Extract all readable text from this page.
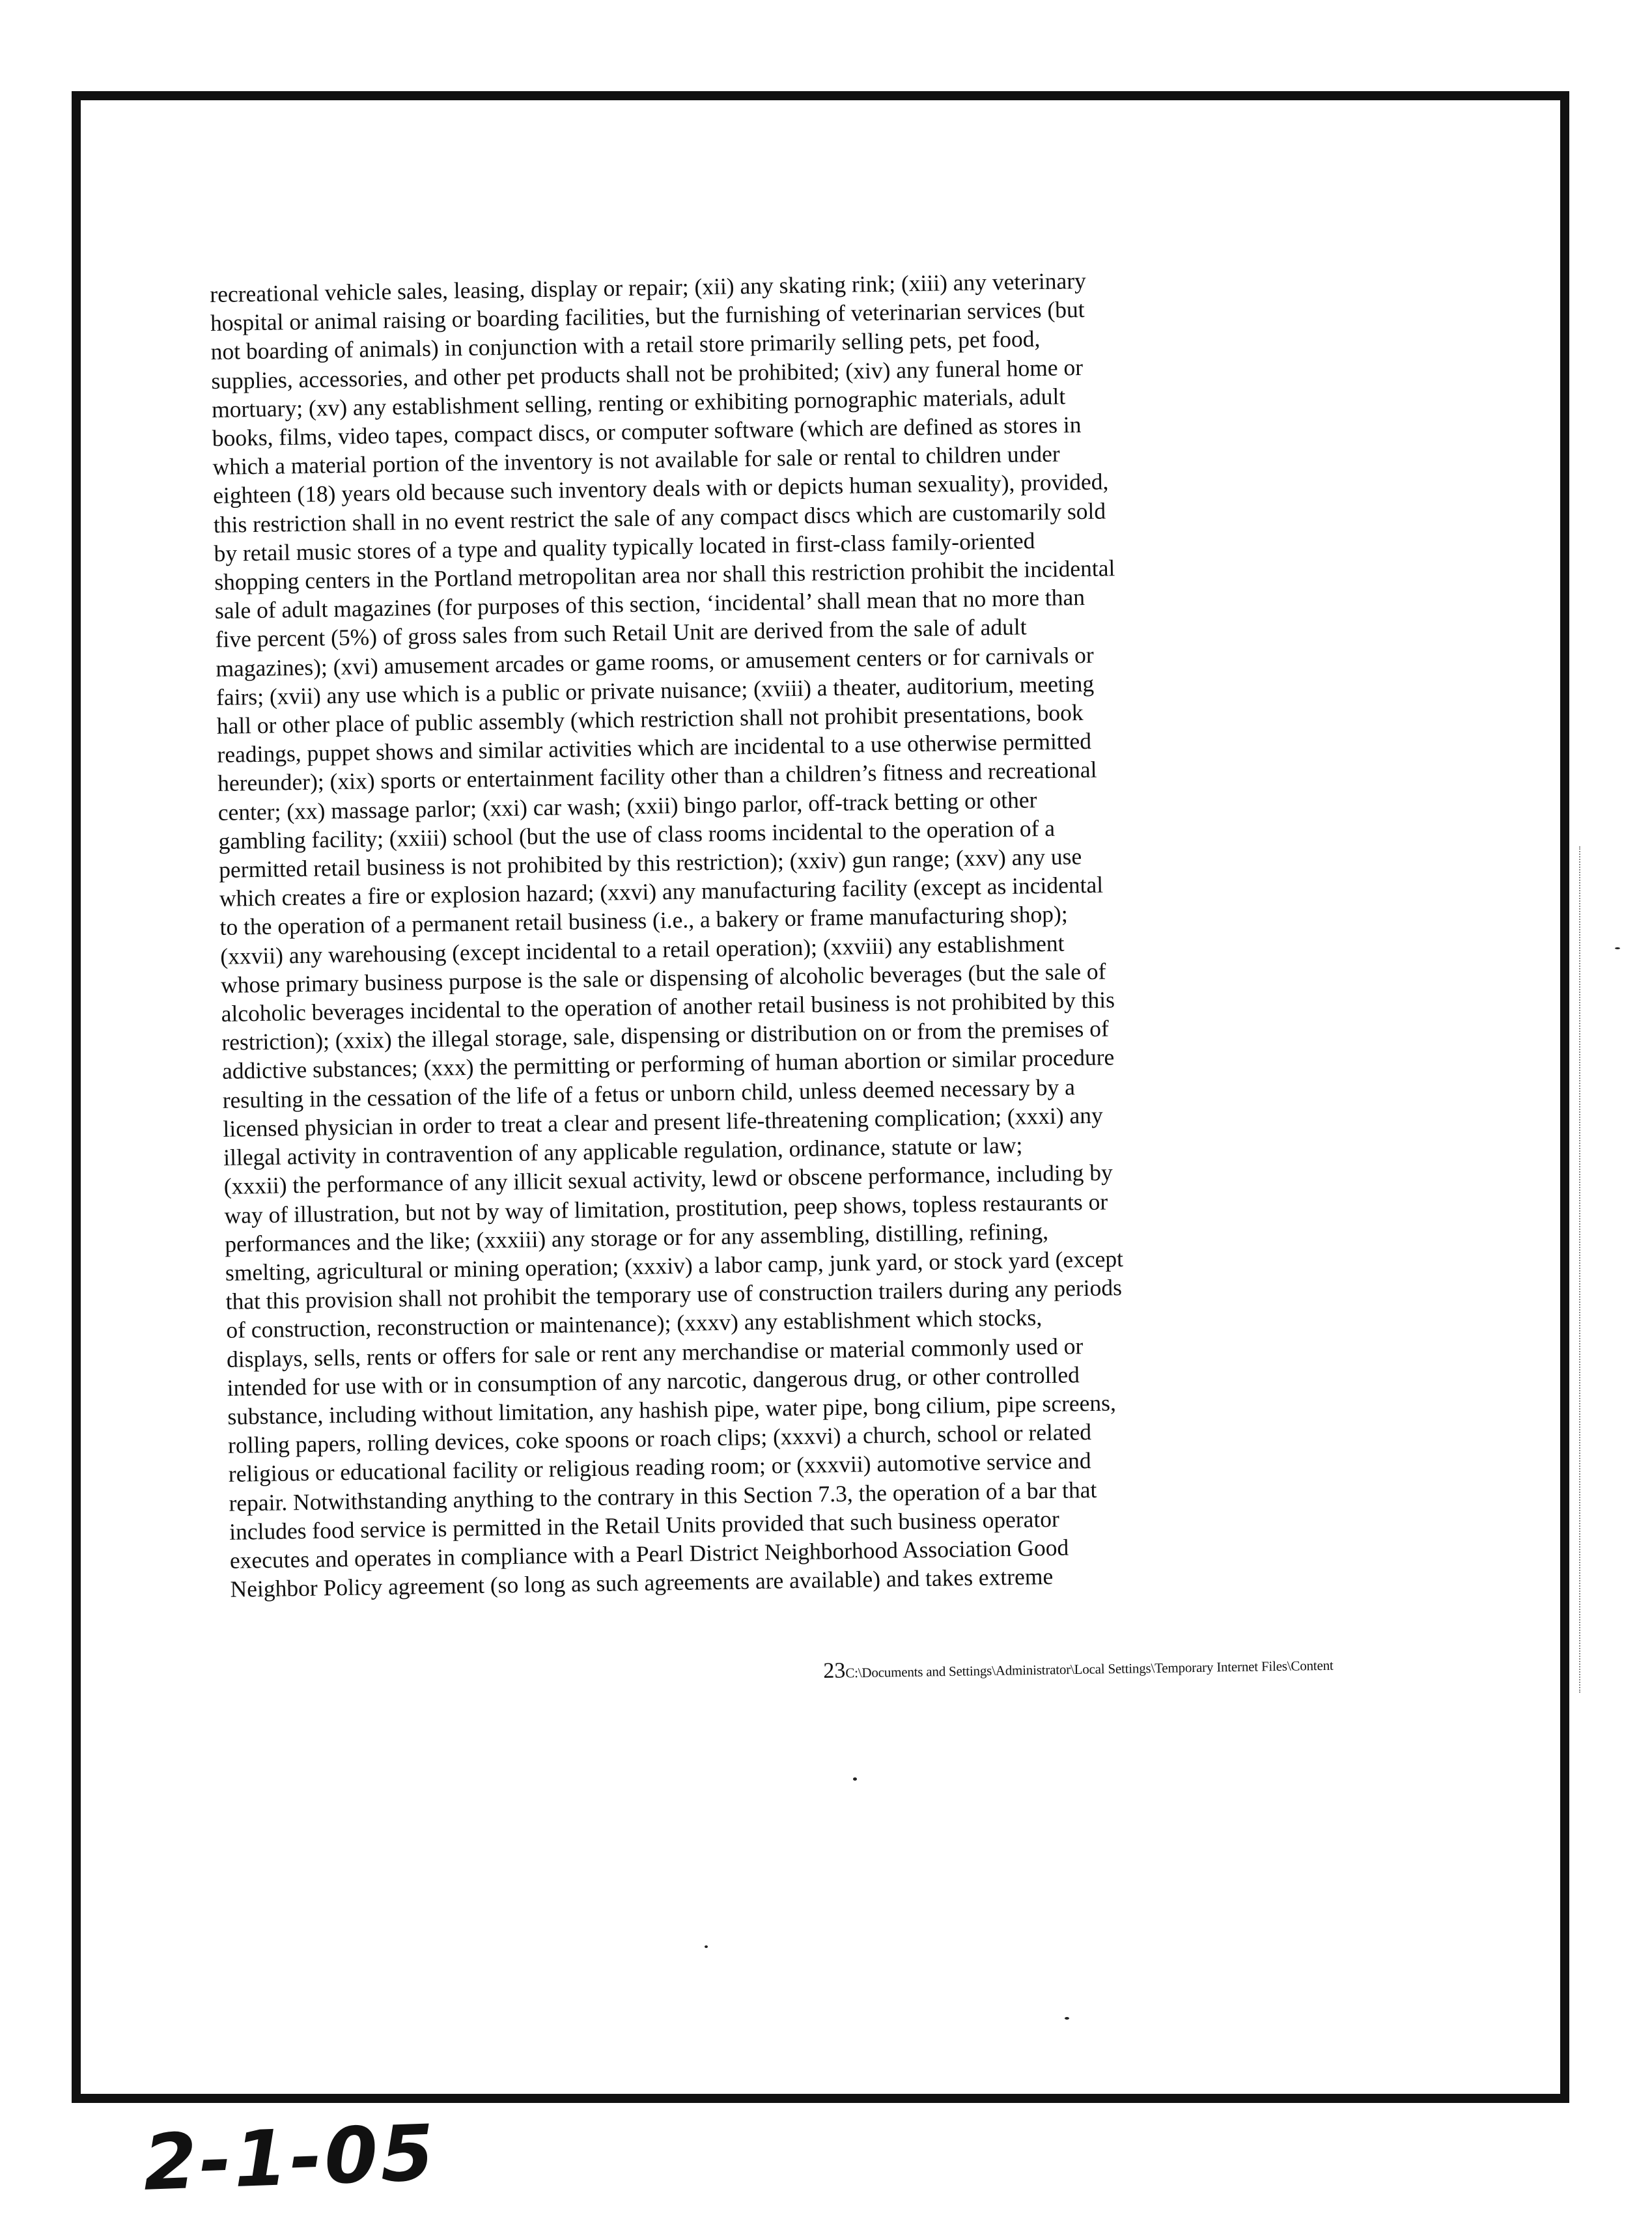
recreational vehicle sales, leasing, display or repair; (xii) any skating rink; (xiii) any veterinary
hospital or animal raising or boarding facilities, but the furnishing of veterinarian services (but
not boarding of animals) in conjunction with a retail store primarily selling pets, pet food,
supplies, accessories, and other pet products shall not be prohibited; (xiv) any funeral home or
mortuary; (xv) any establishment selling, renting or exhibiting pornographic materials, adult
books, films, video tapes, compact discs, or computer software (which are defined as stores in
which a material portion of the inventory is not available for sale or rental to children under
eighteen (18) years old because such inventory deals with or depicts human sexuality), provided,
this restriction shall in no event restrict the sale of any compact discs which are customarily sold
by retail music stores of a type and quality typically located in first-class family-oriented
shopping centers in the Portland metropolitan area nor shall this restriction prohibit the incidental
sale of adult magazines (for purposes of this section, ‘incidental’ shall mean that no more than
five percent (5%) of gross sales from such Retail Unit are derived from the sale of adult
magazines); (xvi) amusement arcades or game rooms, or amusement centers or for carnivals or
fairs; (xvii) any use which is a public or private nuisance; (xviii) a theater, auditorium, meeting
hall or other place of public assembly (which restriction shall not prohibit presentations, book
readings, puppet shows and similar activities which are incidental to a use otherwise permitted
hereunder); (xix) sports or entertainment facility other than a children’s fitness and recreational
center; (xx) massage parlor; (xxi) car wash; (xxii) bingo parlor, off-track betting or other
gambling facility; (xxiii) school (but the use of class rooms incidental to the operation of a
permitted retail business is not prohibited by this restriction); (xxiv) gun range; (xxv) any use
which creates a fire or explosion hazard; (xxvi) any manufacturing facility (except as incidental
to the operation of a permanent retail business (i.e., a bakery or frame manufacturing shop);
(xxvii) any warehousing (except incidental to a retail operation); (xxviii) any establishment
whose primary business purpose is the sale or dispensing of alcoholic beverages (but the sale of
alcoholic beverages incidental to the operation of another retail business is not prohibited by this
restriction); (xxix) the illegal storage, sale, dispensing or distribution on or from the premises of
addictive substances; (xxx) the permitting or performing of human abortion or similar procedure
resulting in the cessation of the life of a fetus or unborn child, unless deemed necessary by a
licensed physician in order to treat a clear and present life-threatening complication; (xxxi) any
illegal activity in contravention of any applicable regulation, ordinance, statute or law;
(xxxii) the performance of any illicit sexual activity, lewd or obscene performance, including by
way of illustration, but not by way of limitation, prostitution, peep shows, topless restaurants or
performances and the like; (xxxiii) any storage or for any assembling, distilling, refining,
smelting, agricultural or mining operation; (xxxiv) a labor camp, junk yard, or stock yard (except
that this provision shall not prohibit the temporary use of construction trailers during any periods
of construction, reconstruction or maintenance); (xxxv) any establishment which stocks,
displays, sells, rents or offers for sale or rent any merchandise or material commonly used or
intended for use with or in consumption of any narcotic, dangerous drug, or other controlled
substance, including without limitation, any hashish pipe, water pipe, bong cilium, pipe screens,
rolling papers, rolling devices, coke spoons or roach clips; (xxxvi) a church, school or related
religious or educational facility or religious reading room; or (xxxvii) automotive service and
repair. Notwithstanding anything to the contrary in this Section 7.3, the operation of a bar that
includes food service is permitted in the Retail Units provided that such business operator
executes and operates in compliance with a Pearl District Neighborhood Association Good
Neighbor Policy agreement (so long as such agreements are available) and takes extreme
23C:\Documents and Settings\Administrator\Local Settings\Temporary Internet Files\Content
2-1-05
